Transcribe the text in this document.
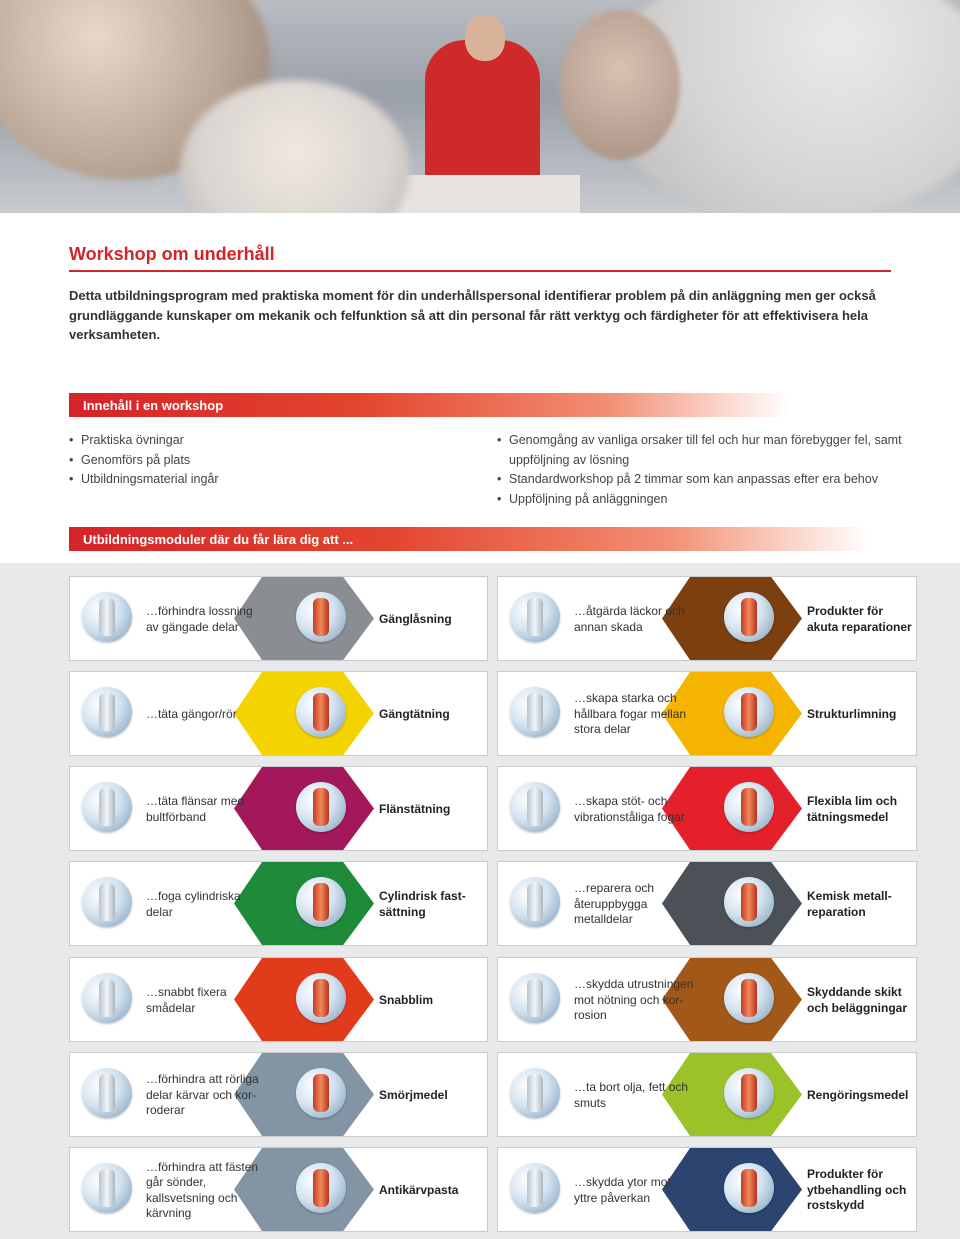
Workshop om underhåll

Detta utbildningsprogram med praktiska moment för din underhållspersonal identifierar problem på din anläggning men ger också grundläggande kunskaper om mekanik och felfunktion så att din personal får rätt verktyg och färdigheter för att effektivisera hela verksamheten.

Innehåll i en workshop
• Praktiska övningar
• Genomförs på plats
• Utbildningsmaterial ingår
• Genomgång av vanliga orsaker till fel och hur man förebygger fel, samt uppföljning av lösning
• Standardworkshop på 2 timmar som kan anpassas efter era behov
• Uppföljning på anläggningen
Utbildningsmoduler där du får lära dig att ...
…förhindra lossning av gängade delar
Gänglåsning
…åtgärda läckor och annan skada
Produkter för akuta reparationer
…täta gängor/rör	Gängtätning
…skapa starka och hållbara fogar mellan stora delar
Strukturlimning
…täta flänsar med bultförband
Flänstätning
…skapa stöt- och vibrationståliga fogar
Flexibla lim och tätningsmedel
…foga cylindriska delar
Cylindrisk fastsättning
…reparera och återuppbygga metalldelar
Kemisk metallreparation
…snabbt fixera smådelar
Snabblim
…skydda utrustningen mot nötning och korrosion
Skyddande skikt och beläggningar
…förhindra att rörliga delar kärvar och korroderar
Smörjmedel
…ta bort olja, fett och smuts
Rengöringsmedel
…förhindra att fästen går sönder, kallsvetsning och kärvning
Antikärvpasta
…skydda ytor mot yttre påverkan
Produkter för ytbehandling och rostskydd
